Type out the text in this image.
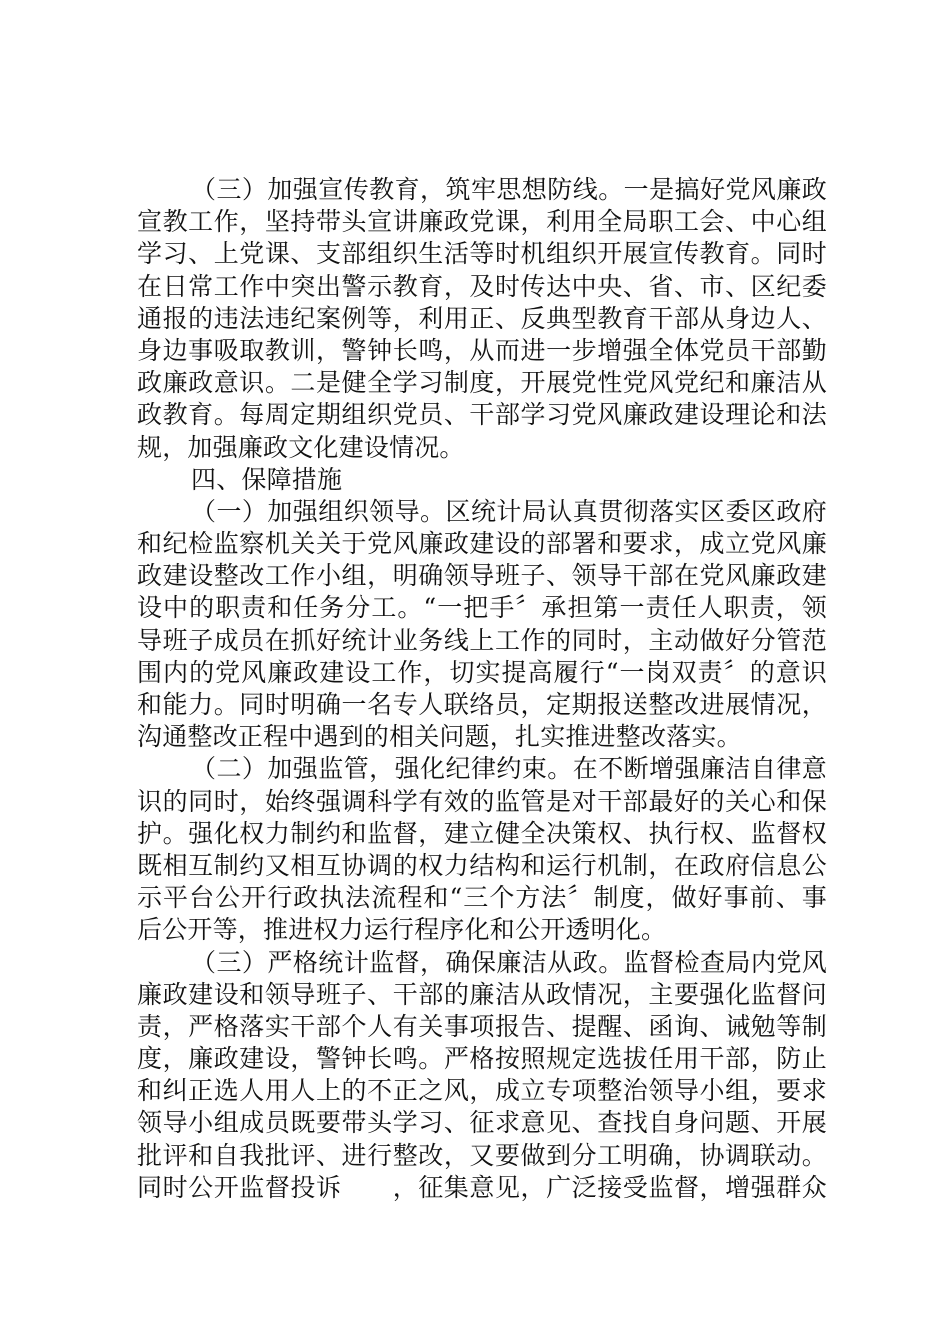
（三）加强宣传教育，筑牢思想防线。一是搞好党风廉政
宣教工作，坚持带头宣讲廉政党课，利用全局职工会、中心组
学习、上党课、支部组织生活等时机组织开展宣传教育。同时
在日常工作中突出警示教育，及时传达中央、省、市、区纪委
通报的违法违纪案例等，利用正、反典型教育干部从身边人、
身边事吸取教训，警钟长鸣，从而进一步增强全体党员干部勤
政廉政意识。二是健全学习制度，开展党性党风党纪和廉洁从
政教育。每周定期组织党员、干部学习党风廉政建设理论和法
规，加强廉政文化建设情况。
四、保障措施
（一）加强组织领导。区统计局认真贯彻落实区委区政府
和纪检监察机关关于党风廉政建设的部署和要求，成立党风廉
政建设整改工作小组，明确领导班子、领导干部在党风廉政建
设中的职责和任务分工。“一把手〞承担第一责任人职责，领
导班子成员在抓好统计业务线上工作的同时，主动做好分管范
围内的党风廉政建设工作，切实提高履行“一岗双责〞的意识
和能力。同时明确一名专人联络员，定期报送整改进展情况，
沟通整改正程中遇到的相关问题，扎实推进整改落实。
（二）加强监管，强化纪律约束。在不断增强廉洁自律意
识的同时，始终强调科学有效的监管是对干部最好的关心和保
护。强化权力制约和监督，建立健全决策权、执行权、监督权
既相互制约又相互协调的权力结构和运行机制，在政府信息公
示平台公开行政执法流程和“三个方法〞制度，做好事前、事
后公开等，推进权力运行程序化和公开透明化。
（三）严格统计监督，确保廉洁从政。监督检查局内党风
廉政建设和领导班子、干部的廉洁从政情况，主要强化监督问
责，严格落实干部个人有关事项报告、提醒、函询、诫勉等制
度，廉政建设，警钟长鸣。严格按照规定选拔任用干部，防止
和纠正选人用人上的不正之风，成立专项整治领导小组，要求
领导小组成员既要带头学习、征求意见、查找自身问题、开展
批评和自我批评、进行整改，又要做到分工明确，协调联动。
同时公开监督投诉　　，征集意见，广泛接受监督，增强群众
